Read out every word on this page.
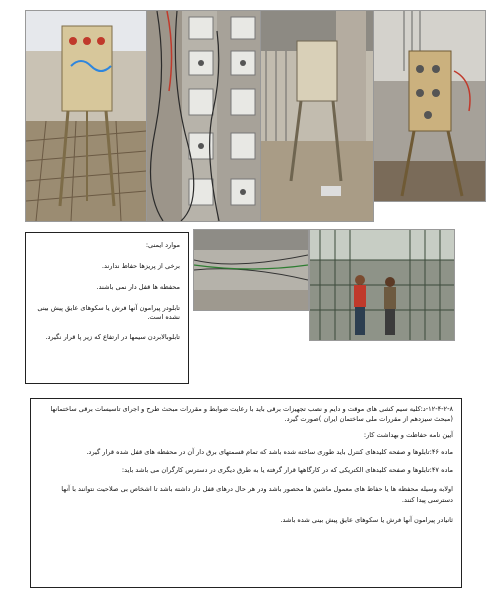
موارد ایمنی:

برخی از پریزها حفاظ ندارند.

محفظه ها قفل دار نمی باشند.

تابلودر پیرامون آنها فرش یا سکوهای عایق پیش بینی نشده است.

تابلوبالابردن سیمها در ارتفاع که زیر پا قرار نگیرد.

۱۲-۴-۲-۸-د:کلیه سیم کشی های موقت و دایم و نصب تجهیزات برقی باید با رعایت ضوابط و مقررات مبحث طرح و اجرای تاسیسات برقی ساختمانها (مبحث سیزدهم از مقررات ملی ساختمان ایران )صورت گیرد.

آیین نامه حفاظت و بهداشت کار:

ماده ۴۶:تابلوها و صفحه کلیدهای کنترل باید طوری ساخته شده باشد که تمام قسمتهای برق دار آن در محفظه های قفل شده قرار گیرد.

ماده ۴۷:تابلوها و صفحه کلیدهای الکتریکی که در کارگاهها قرار گرفته یا به طرق دیگری در دسترس کارگران می باشد باید:

اولابه وسیله محفظه ها یا حفاظ های معمول ماشین ها محصور باشد ودر هر حال درهای قفل دار داشته باشد تا اشخاص بی صلاحیت نتوانند با آنها دسترسی پیدا کنند.

ثانیادر پیرامون آنها فرش یا سکوهای عایق پیش بینی شده باشد.
